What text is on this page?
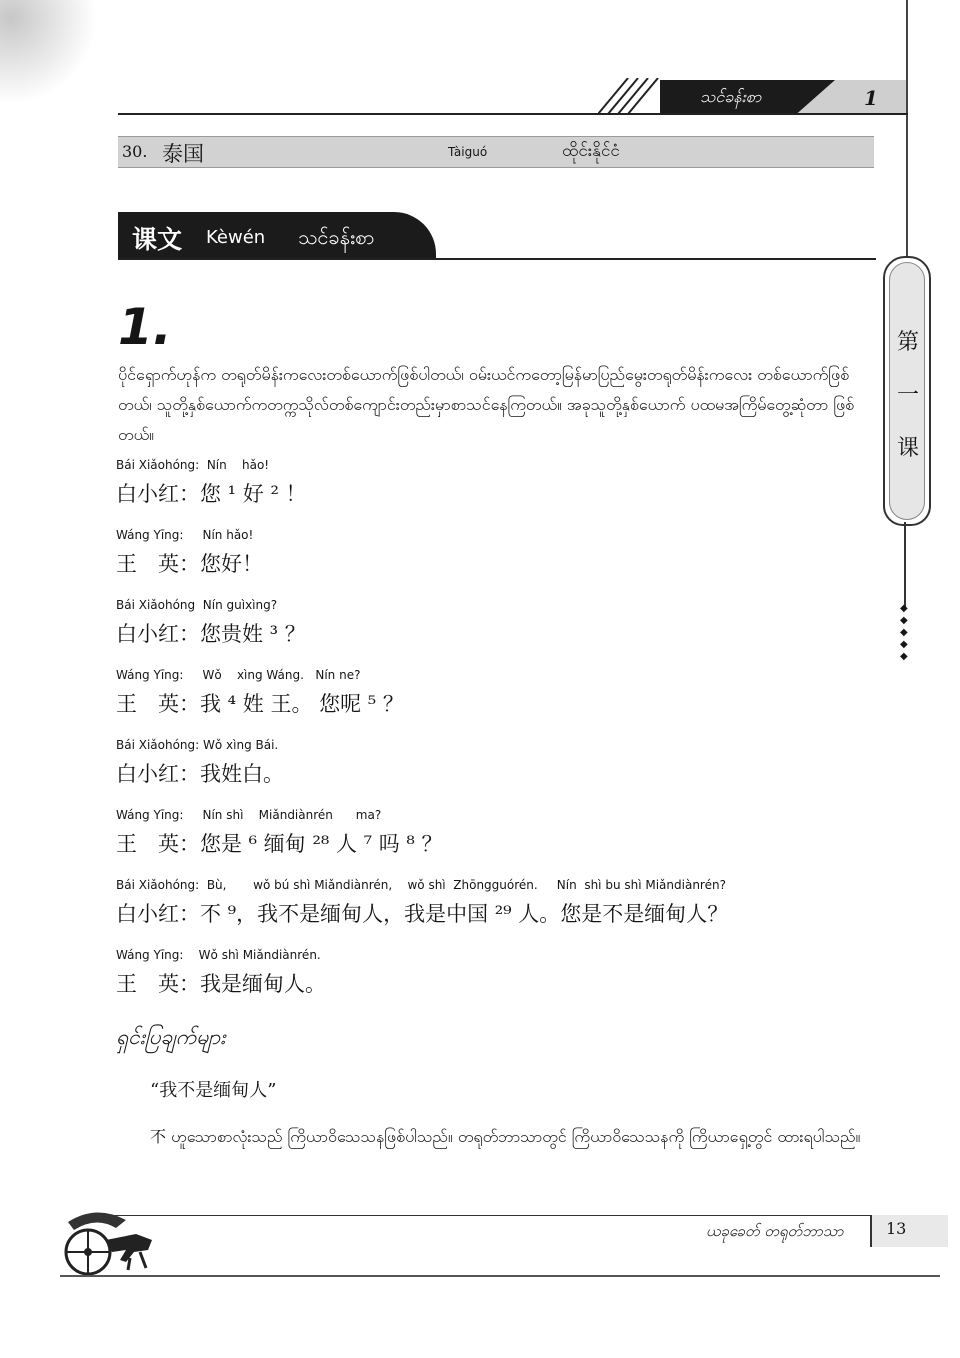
သင်ခန်းစာ	1
30. 泰国	Tàiguó	ထိုင်းနိုင်ငံ
课文 Kèwén သင်ခန်းစာ
第
一
课
◆
◆
◆
◆
◆
1.
ပိုင်ရှောက်ဟုန်က တရုတ်မိန်းကလေးတစ်ယောက်ဖြစ်ပါတယ်၊ ဝမ်းယင်ကတော့မြန်မာပြည်မွေးတရုတ်မိန်းကလေး တစ်ယောက်ဖြစ်တယ်၊ သူတို့နှစ်ယောက်ကတက္ကသိုလ်တစ်ကျောင်းတည်းမှာစာသင်နေကြတယ်။ အခုသူတို့နှစ်ယောက် ပထမအကြိမ်တွေ့ဆုံတာ ဖြစ်တယ်။
Bái Xiǎohóng:  Nín    hǎo!
白小红：您 ¹ 好 ² ！
Wáng Yīng:     Nín hǎo!
王　英：您好！
Bái Xiǎohóng  Nín guìxìng?
白小红：您贵姓 ³ ？
Wáng Yīng:     Wǒ    xìng Wáng.   Nín ne?
王　英：我 ⁴ 姓 王。 您呢 ⁵ ？
Bái Xiǎohóng: Wǒ xìng Bái.
白小红：我姓白。
Wáng Yīng:     Nín shì    Miǎndiànrén      ma?
王　英：您是 ⁶ 缅甸 ²⁸ 人 ⁷ 吗 ⁸ ？
Bái Xiǎohóng:  Bù,       wǒ bú shì Miǎndiànrén,    wǒ shì  Zhōngguórén.     Nín  shì bu shì Miǎndiànrén?
白小红：不 ⁹，我不是缅甸人，我是中国 ²⁹ 人。您是不是缅甸人？
Wáng Yīng:    Wǒ shì Miǎndiànrén.
王　英：我是缅甸人。
ရှင်းပြချက်များ
“我不是缅甸人”
不 ဟူသောစာလုံးသည် ကြိယာဝိသေသနဖြစ်ပါသည်။ တရုတ်ဘာသာတွင် ကြိယာဝိသေသနကို ကြိယာရှေ့တွင် ထားရပါသည်။
ယခုခေတ် တရုတ်ဘာသာ	13
